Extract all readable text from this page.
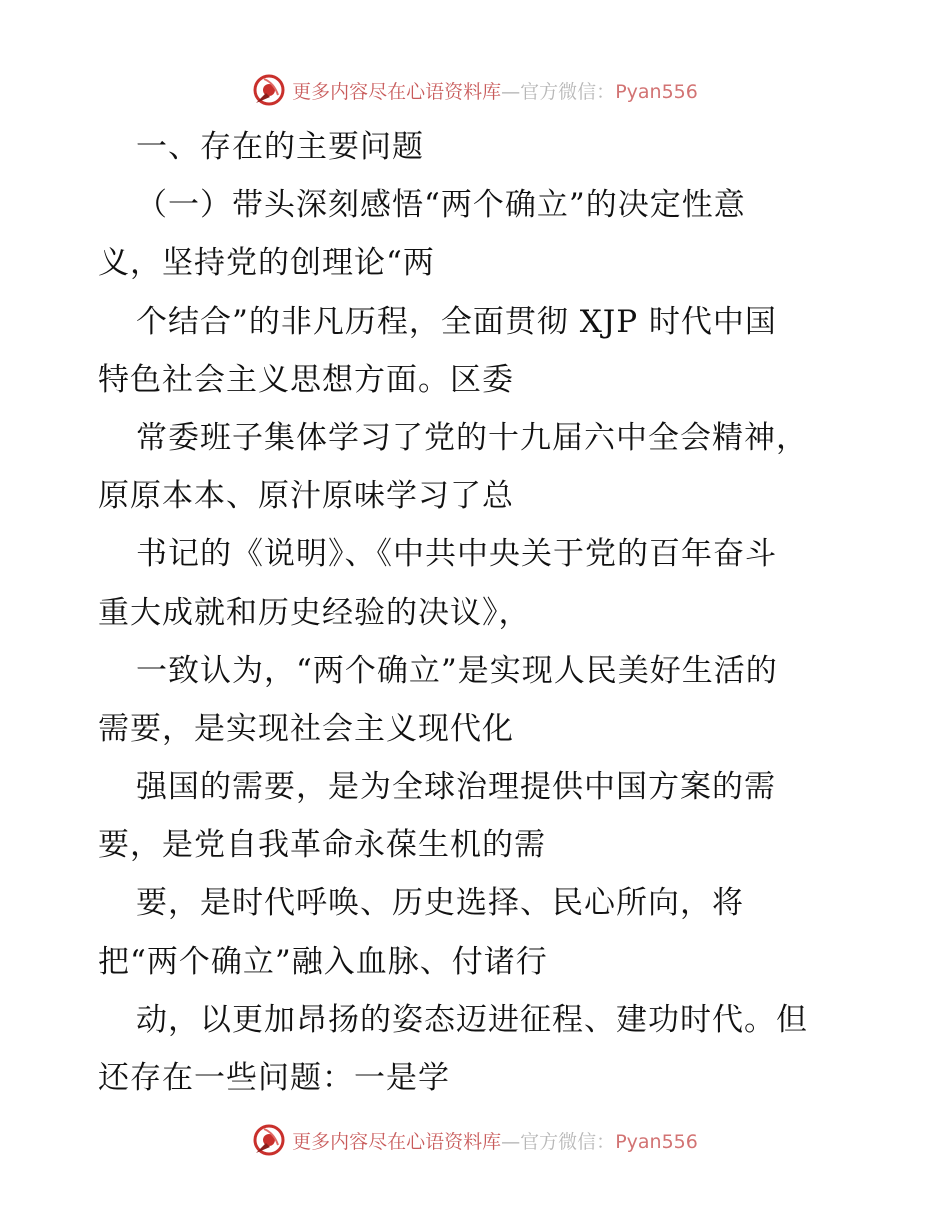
更多内容尽在心语资料库—官方微信：Pyan556
一、存在的主要问题
（一）带头深刻感悟“两个确立”的决定性意
义，坚持党的创理论“两
个结合”的非凡历程，全面贯彻 XJP 时代中国
特色社会主义思想方面。区委
常委班子集体学习了党的十九届六中全会精神，
原原本本、原汁原味学习了总
书记的《说明》、《中共中央关于党的百年奋斗
重大成就和历史经验的决议》，
一致认为，“两个确立”是实现人民美好生活的
需要，是实现社会主义现代化
强国的需要，是为全球治理提供中国方案的需
要，是党自我革命永葆生机的需
要，是时代呼唤、历史选择、民心所向，将
把“两个确立”融入血脉、付诸行
动，以更加昂扬的姿态迈进征程、建功时代。但
还存在一些问题：一是学
更多内容尽在心语资料库—官方微信：Pyan556
